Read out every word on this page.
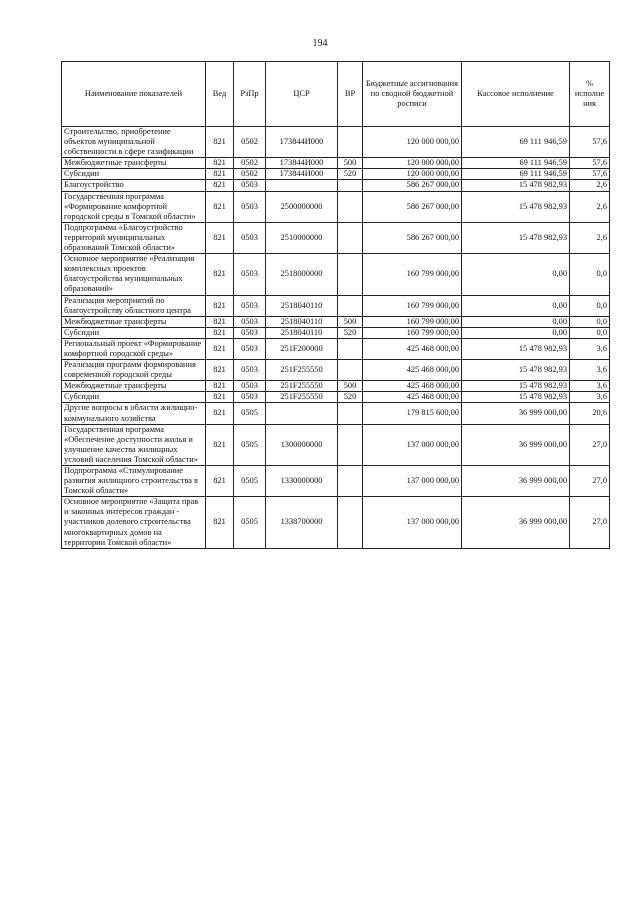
194
Наименование показателей	Вед	РзПр	ЦСР	ВР	Бюджетные ассигнования по сводной бюджетной росписи	Кассовое исполнение	% исполне ния
Строительство, приобретение объектов муниципальной собственности в сфере газификации	821	0502	173844И000		120 000 000,00	69 111 946,59	57,6
Межбюджетные трансферты	821	0502	173844И000	500	120 000 000,00	69 111 946,59	57,6
Субсидии	821	0502	173844И000	520	120 000 000,00	69 111 946,59	57,6
Благоустройство	821	0503			586 267 000,00	15 478 982,93	2,6
Государственная программа «Формирование комфортной городской среды в Томской области»	821	0503	2500000000		586 267 000,00	15 478 982,93	2,6
Подпрограмма «Благоустройство территорий муниципальных образований Томской области»	821	0503	2510000000		586 267 000,00	15 478 982,93	2,6
Основное мероприятие «Реализация комплексных проектов благоустройства муниципальных образований»	821	0503	2518000000		160 799 000,00	0,00	0,0
Реализация мероприятий по благоустройству областного центра	821	0503	2518040110		160 799 000,00	0,00	0,0
Межбюджетные трансферты	821	0503	2518040110	500	160 799 000,00	0,00	0,0
Субсидии	821	0503	2518040110	520	160 799 000,00	0,00	0,0
Региональный проект «Формирование комфортной городской среды»	821	0503	251F200000		425 468 000,00	15 478 982,93	3,6
Реализация программ формирования современной городской среды	821	0503	251F255550		425 468 000,00	15 478 982,93	3,6
Межбюджетные трансферты	821	0503	251F255550	500	425 468 000,00	15 478 982,93	3,6
Субсидии	821	0503	251F255550	520	425 468 000,00	15 478 982,93	3,6
Другие вопросы в области жилищно-коммунального хозяйства	821	0505			179 815 600,00	36 999 000,00	20,6
Государственная программа «Обеспечение доступности жилья и улучшение качества жилищных условий населения Томской области»	821	0505	1300000000		137 000 000,00	36 999 000,00	27,0
Подпрограмма «Стимулирование развития жилищного строительства в Томской области»	821	0505	1330000000		137 000 000,00	36 999 000,00	27,0
Основное мероприятие «Защита прав и законных интересов граждан - участников долевого строительства многоквартирных домов на территории Томской области»	821	0505	1338700000		137 000 000,00	36 999 000,00	27,0
